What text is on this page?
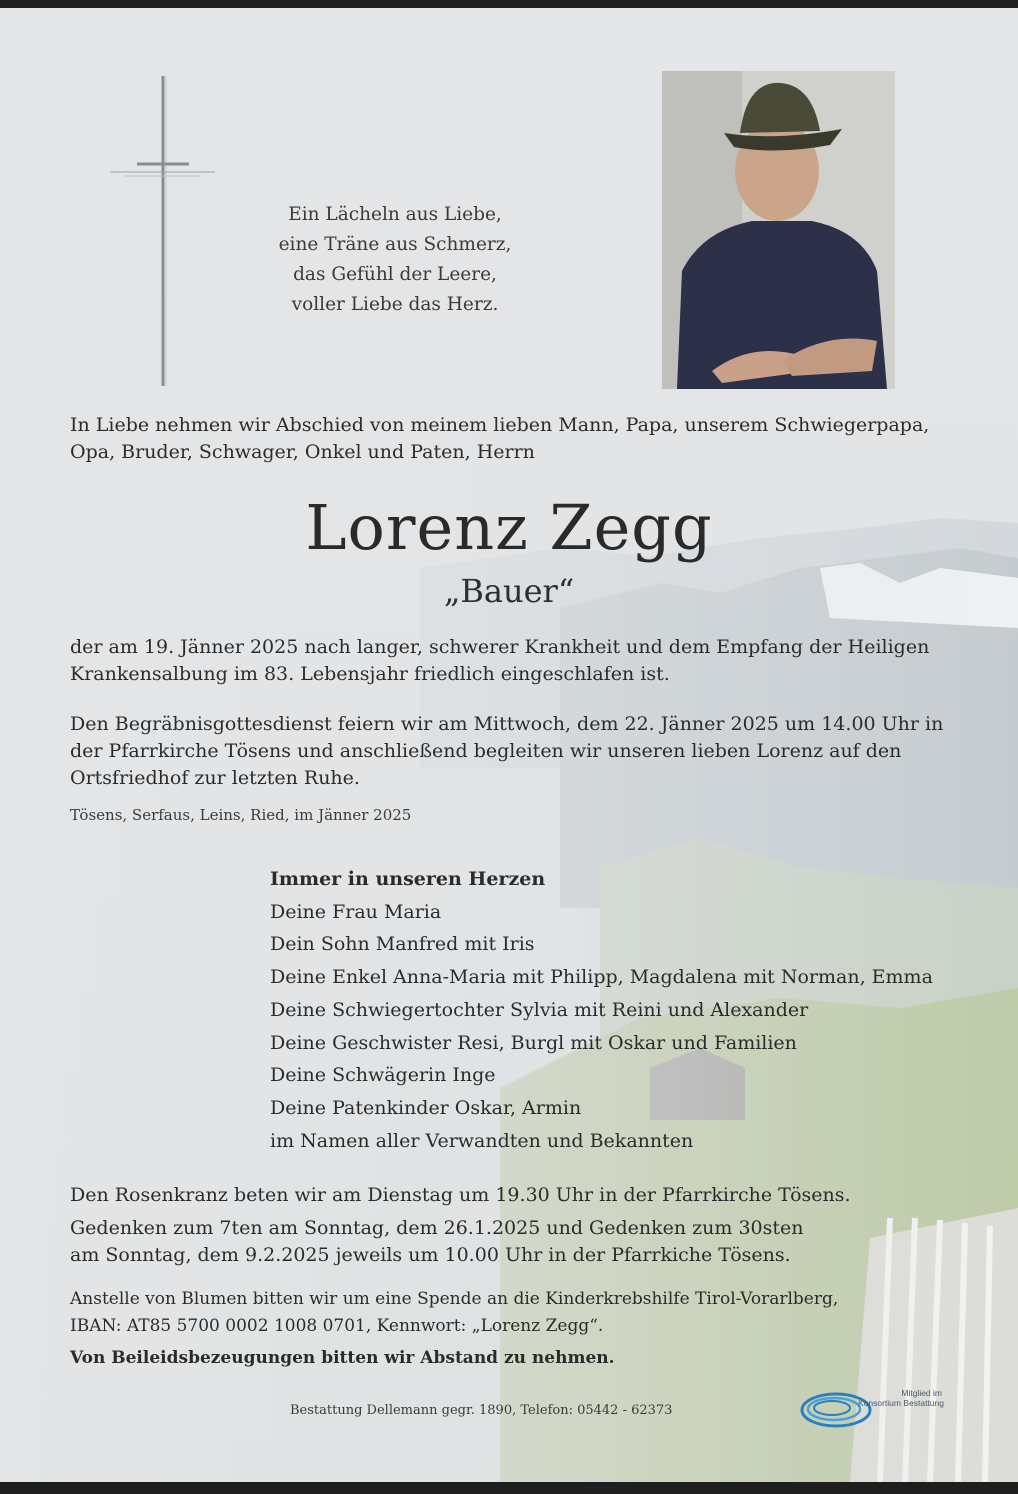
Ein Lächeln aus Liebe,
eine Träne aus Schmerz,
das Gefühl der Leere,
voller Liebe das Herz.
In Liebe nehmen wir Abschied von meinem lieben Mann, Papa, unserem Schwiegerpapa,
Opa, Bruder, Schwager, Onkel und Paten, Herrn
Lorenz Zegg
„Bauer“
der am 19. Jänner 2025 nach langer, schwerer Krankheit und dem Empfang der Heiligen
Krankensalbung im 83. Lebensjahr friedlich eingeschlafen ist.
Den Begräbnisgottesdienst feiern wir am Mittwoch, dem 22. Jänner 2025 um 14.00 Uhr in
der Pfarrkirche Tösens und anschließend begleiten wir unseren lieben Lorenz auf den
Ortsfriedhof zur letzten Ruhe.
Tösens, Serfaus, Leins, Ried, im Jänner 2025
Immer in unseren Herzen
Deine Frau Maria
Dein Sohn Manfred mit Iris
Deine Enkel Anna-Maria mit Philipp, Magdalena mit Norman, Emma
Deine Schwiegertochter Sylvia mit Reini und Alexander
Deine Geschwister Resi, Burgl mit Oskar und Familien
Deine Schwägerin Inge
Deine Patenkinder Oskar, Armin
im Namen aller Verwandten und Bekannten
Den Rosenkranz beten wir am Dienstag um 19.30 Uhr in der Pfarrkirche Tösens.
Gedenken zum 7ten am Sonntag, dem 26.1.2025 und Gedenken zum 30sten
am Sonntag, dem 9.2.2025 jeweils um 10.00 Uhr in der Pfarrkiche Tösens.
Anstelle von Blumen bitten wir um eine Spende an die Kinderkrebshilfe Tirol-Vorarlberg,
IBAN: AT85 5700 0002 1008 0701, Kennwort: „Lorenz Zegg“.
Von Beileidsbezeugungen bitten wir Abstand zu nehmen.
Bestattung Dellemann gegr. 1890, Telefon: 05442 - 62373
Mitglied im
Konsortium Bestattung
